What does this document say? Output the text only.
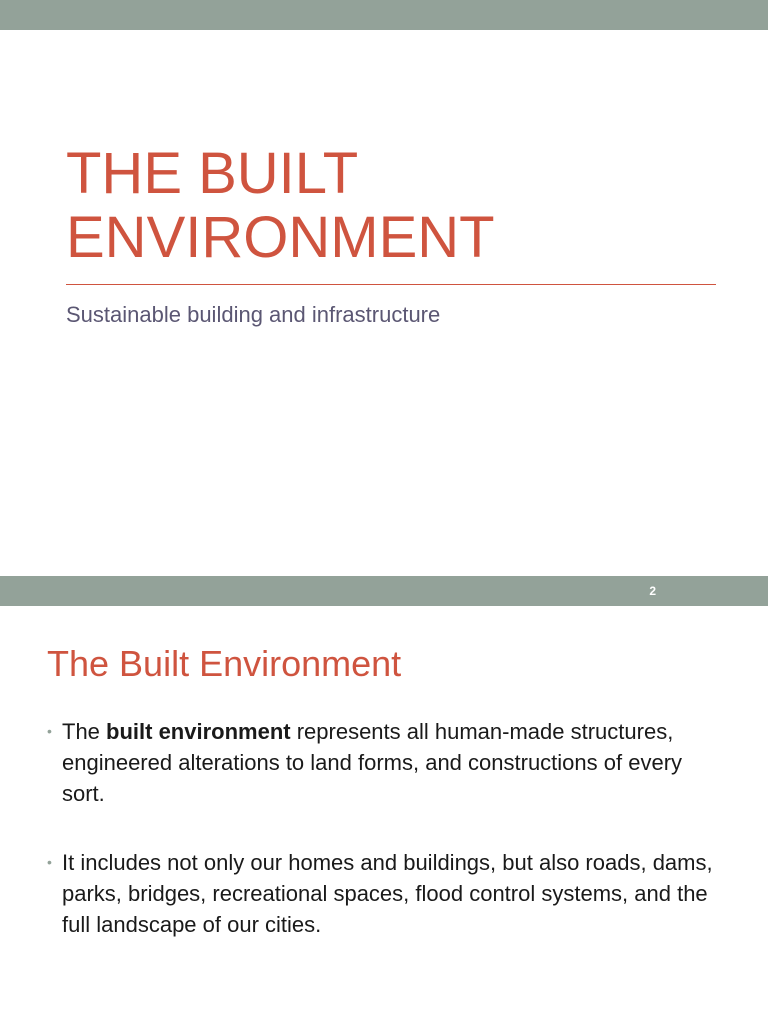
THE BUILT
ENVIRONMENT
Sustainable building and infrastructure
2
The Built Environment
• The built environment represents all human-made structures, engineered alterations to land forms, and constructions of every sort.
• It includes not only our homes and buildings, but also roads, dams, parks, bridges, recreational spaces, flood control systems, and the full landscape of our cities.
